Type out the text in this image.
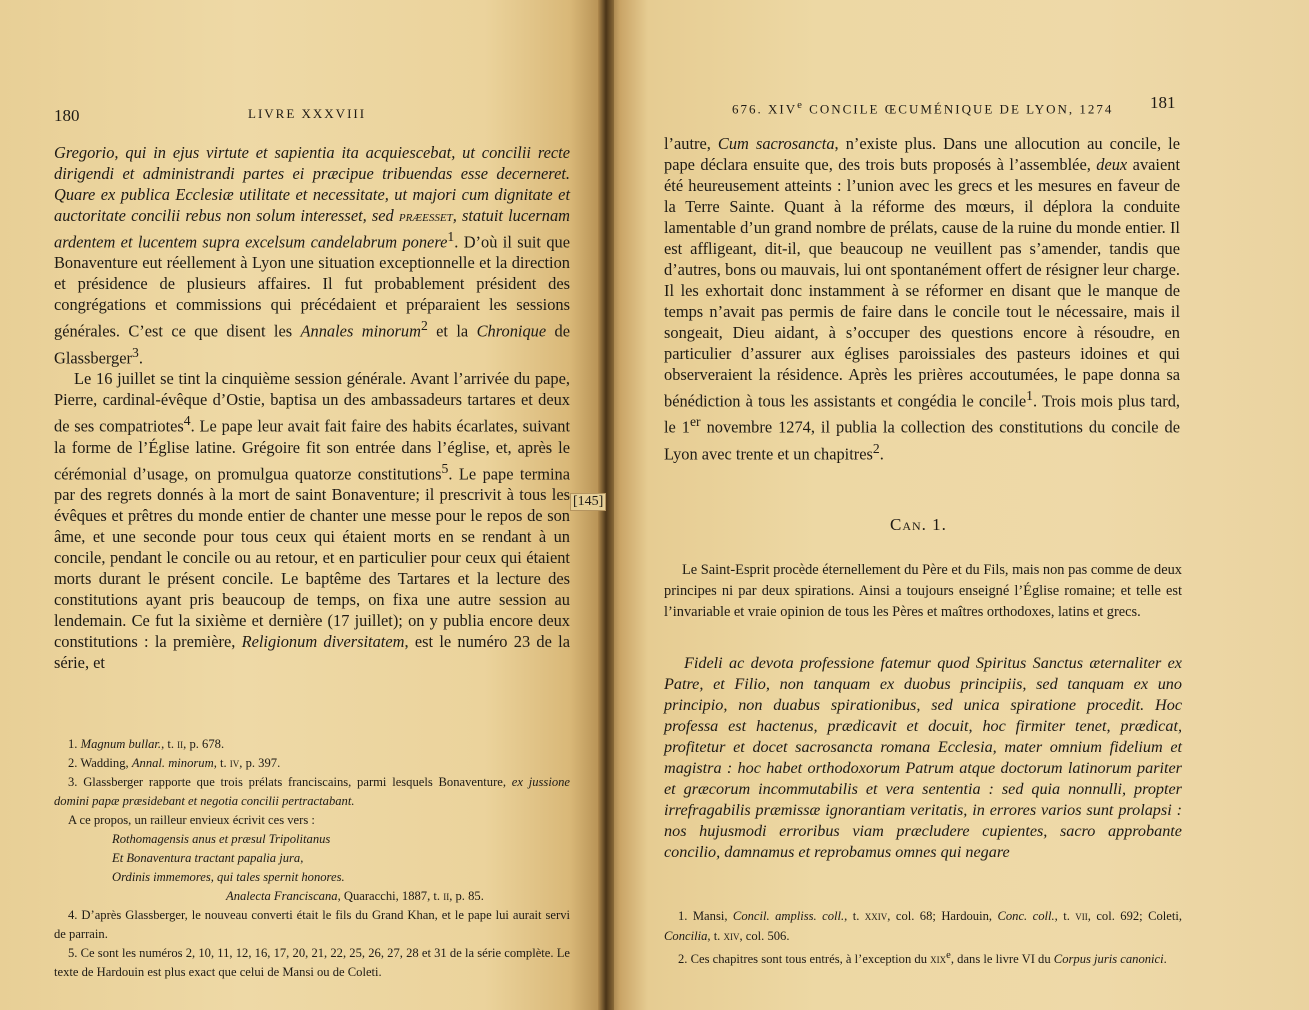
180	LIVRE XXXVIII

Gregorio, qui in ejus virtute et sapientia ita acquiescebat, ut concilii recte dirigendi et administrandi partes ei præcipue tribuendas esse decerneret. Quare ex publica Ecclesiæ utilitate et necessitate, ut majori cum dignitate et auctoritate concilii rebus non solum interesset, sed præesset, statuit lucernam ardentem et lucentem supra excelsum candelabrum ponere$^1$. D’où il suit que Bonaventure eut réellement à Lyon une situation exceptionnelle et la direction et présidence de plusieurs affaires. Il fut probablement président des congrégations et commissions qui précédaient et préparaient les sessions générales. C’est ce que disent les Annales minorum$^2$ et la Chronique de Glassberger$^3$.

Le 16 juillet se tint la cinquième session générale. Avant l’arrivée du pape, Pierre, cardinal-évêque d’Ostie, baptisa un des ambassadeurs tartares et deux de ses compatriotes$^4$. Le pape leur avait fait faire des habits écarlates, suivant la forme de l’Église latine. Grégoire fit son entrée dans l’église, et, après le cérémonial d’usage, on promulgua quatorze constitutions$^5$. Le pape termina par des regrets donnés à la mort de saint Bonaventure; il prescrivit à tous les évêques et prêtres du monde entier de chanter une messe pour le repos de son âme, et une seconde pour tous ceux qui étaient morts en se rendant à un concile, pendant le concile ou au retour, et en particulier pour ceux qui étaient morts durant le présent concile. Le baptême des Tartares et la lecture des constitutions ayant pris beaucoup de temps, on fixa une autre session au lendemain. Ce fut la sixième et dernière (17 juillet); on y publia encore deux constitutions : la première, Religionum diversitatem, est le numéro 23 de la série, et

1. Magnum bullar., t. ii, p. 678.

2. Wadding, Annal. minorum, t. iv, p. 397.

3. Glassberger rapporte que trois prélats franciscains, parmi lesquels Bonaventure, ex jussione domini papæ præsidebant et negotia concilii pertractabant.

A ce propos, un railleur envieux écrivit ces vers :

Rothomagensis anus et præsul Tripolitanus

Et Bonaventura tractant papalia jura,

Ordinis immemores, qui tales spernit honores.

Analecta Franciscana, Quaracchi, 1887, t. ii, p. 85.

4. D’après Glassberger, le nouveau converti était le fils du Grand Khan, et le pape lui aurait servi de parrain.

5. Ce sont les numéros 2, 10, 11, 12, 16, 17, 20, 21, 22, 25, 26, 27, 28 et 31 de la série complète. Le texte de Hardouin est plus exact que celui de Mansi ou de Coleti.

676. XIVe CONCILE ŒCUMÉNIQUE DE LYON, 1274 181
[145]

l’autre, Cum sacrosancta, n’existe plus. Dans une allocution au concile, le pape déclara ensuite que, des trois buts proposés à l’assemblée, deux avaient été heureusement atteints : l’union avec les grecs et les mesures en faveur de la Terre Sainte. Quant à la réforme des mœurs, il déplora la conduite lamentable d’un grand nombre de prélats, cause de la ruine du monde entier. Il est affligeant, dit-il, que beaucoup ne veuillent pas s’amender, tandis que d’autres, bons ou mauvais, lui ont spontanément offert de résigner leur charge. Il les exhortait donc instamment à se réformer en disant que le manque de temps n’avait pas permis de faire dans le concile tout le nécessaire, mais il songeait, Dieu aidant, à s’occuper des questions encore à résoudre, en particulier d’assurer aux églises paroissiales des pasteurs idoines et qui observeraient la résidence. Après les prières accoutumées, le pape donna sa bénédiction à tous les assistants et congédia le concile$^1$. Trois mois plus tard, le 1er novembre 1274, il publia la collection des constitutions du concile de Lyon avec trente et un chapitres$^2$.

Can. 1.

Le Saint-Esprit procède éternellement du Père et du Fils, mais non pas comme de deux principes ni par deux spirations. Ainsi a toujours enseigné l’Église romaine; et telle est l’invariable et vraie opinion de tous les Pères et maîtres orthodoxes, latins et grecs.

Fideli ac devota professione fatemur quod Spiritus Sanctus æternaliter ex Patre, et Filio, non tanquam ex duobus principiis, sed tanquam ex uno principio, non duabus spirationibus, sed unica spiratione procedit. Hoc professa est hactenus, prædicavit et docuit, hoc firmiter tenet, prædicat, profitetur et docet sacrosancta romana Ecclesia, mater omnium fidelium et magistra : hoc habet orthodoxorum Patrum atque doctorum latinorum pariter et græcorum incommutabilis et vera sententia : sed quia nonnulli, propter irrefragabilis præmissæ ignorantiam veritatis, in errores varios sunt prolapsi : nos hujusmodi erroribus viam præcludere cupientes, sacro approbante concilio, damnamus et reprobamus omnes qui negare

1. Mansi, Concil. ampliss. coll., t. xxiv, col. 68; Hardouin, Conc. coll., t. vii, col. 692; Coleti, Concilia, t. xiv, col. 506.

2. Ces chapitres sont tous entrés, à l’exception du xix$^e$, dans le livre VI du Corpus juris canonici.
